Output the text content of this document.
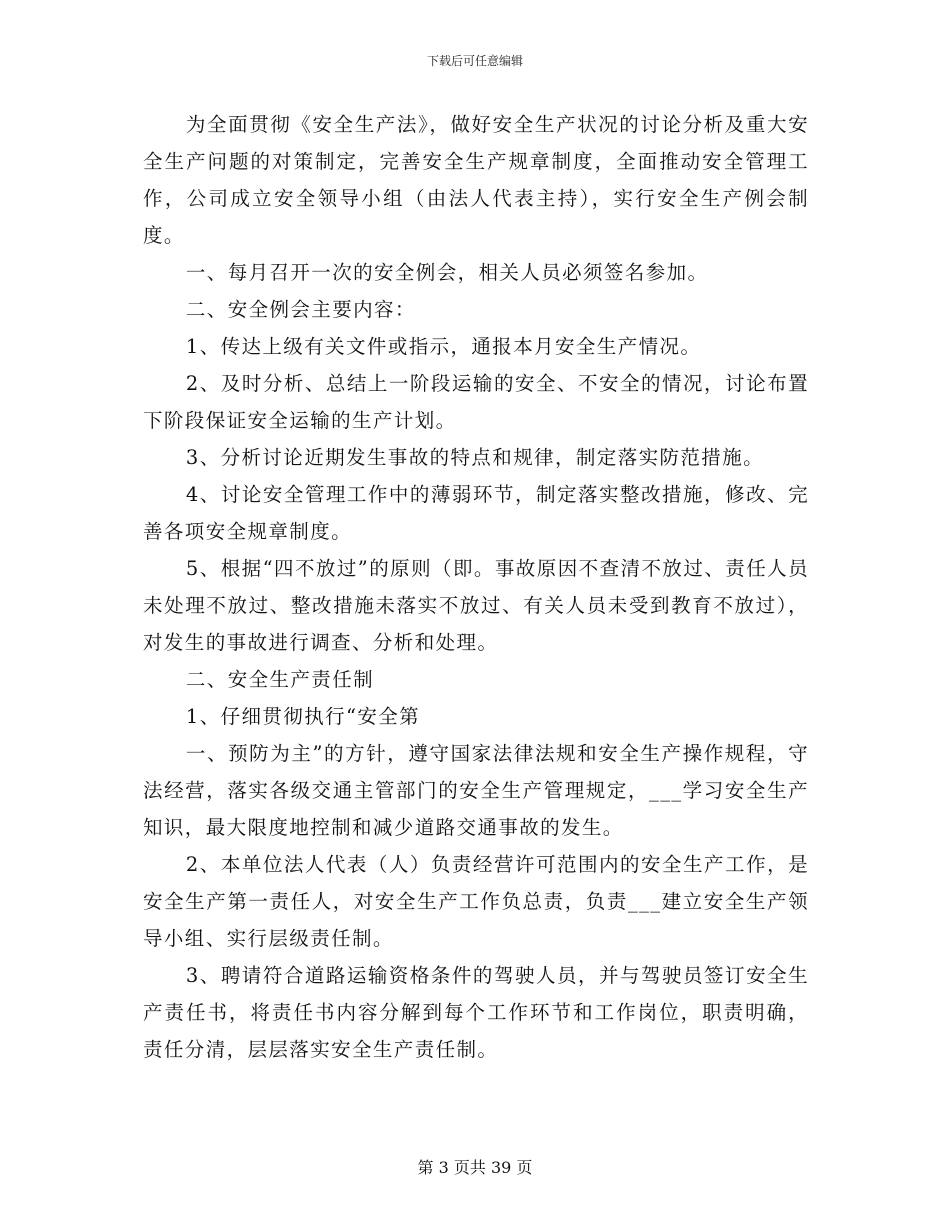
下载后可任意编辑

为全面贯彻《安全生产法》，做好安全生产状况的讨论分析及重大安全生产问题的对策制定，完善安全生产规章制度，全面推动安全管理工作，公司成立安全领导小组（由法人代表主持），实行安全生产例会制度。

一、每月召开一次的安全例会，相关人员必须签名参加。

二、安全例会主要内容：

1、传达上级有关文件或指示，通报本月安全生产情况。

2、及时分析、总结上一阶段运输的安全、不安全的情况，讨论布置下阶段保证安全运输的生产计划。

3、分析讨论近期发生事故的特点和规律，制定落实防范措施。

4、讨论安全管理工作中的薄弱环节，制定落实整改措施，修改、完善各项安全规章制度。

5、根据“四不放过”的原则（即。事故原因不查清不放过、责任人员未处理不放过、整改措施未落实不放过、有关人员未受到教育不放过），对发生的事故进行调查、分析和处理。

二、安全生产责任制

1、仔细贯彻执行“安全第

一、预防为主”的方针，遵守国家法律法规和安全生产操作规程，守法经营，落实各级交通主管部门的安全生产管理规定，___学习安全生产知识，最大限度地控制和减少道路交通事故的发生。

2、本单位法人代表（人）负责经营许可范围内的安全生产工作，是安全生产第一责任人，对安全生产工作负总责，负责___建立安全生产领导小组、实行层级责任制。

3、聘请符合道路运输资格条件的驾驶人员，并与驾驶员签订安全生产责任书，将责任书内容分解到每个工作环节和工作岗位，职责明确，责任分清，层层落实安全生产责任制。

第 3 页共 39 页
